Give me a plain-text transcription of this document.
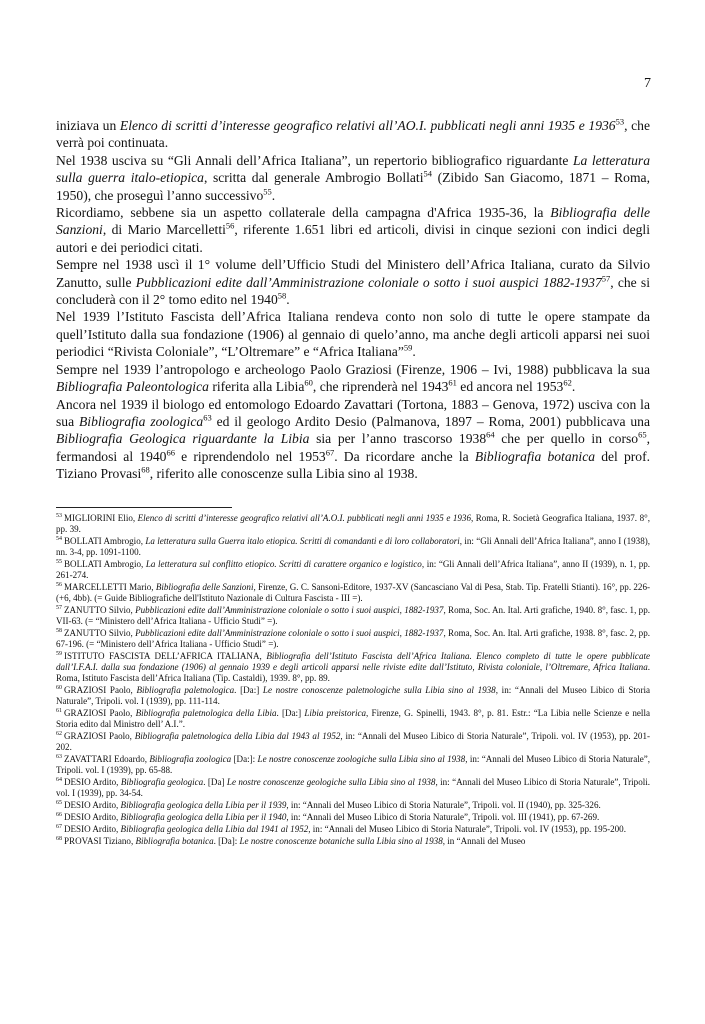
7

iniziava un Elenco di scritti d’interesse geografico relativi all’AO.I. pubblicati negli anni 1935 e 1936$^{53}$, che verrà poi continuata.

Nel 1938 usciva su “Gli Annali dell’Africa Italiana”, un repertorio bibliografico riguardante La letteratura sulla guerra italo-etiopica, scritta dal generale Ambrogio Bollati$^{54}$ (Zibido San Giacomo, 1871 – Roma, 1950), che proseguì l’anno successivo$^{55}$.

Ricordiamo, sebbene sia un aspetto collaterale della campagna d'Africa 1935-36, la Bibliografia delle Sanzioni, di Mario Marcelletti$^{56}$, riferente 1.651 libri ed articoli, divisi in cinque sezioni con indici degli autori e dei periodici citati.

Sempre nel 1938 uscì il 1° volume dell’Ufficio Studi del Ministero dell’Africa Italiana, curato da Silvio Zanutto, sulle Pubblicazioni edite dall’Amministrazione coloniale o sotto i suoi auspici 1882-1937$^{57}$, che si concluderà con il 2° tomo edito nel 1940$^{58}$.

Nel 1939 l’Istituto Fascista dell’Africa Italiana rendeva conto non solo di tutte le opere stampate da quell’Istituto dalla sua fondazione (1906) al gennaio di quelo’anno, ma anche degli articoli apparsi nei suoi periodici “Rivista Coloniale”, “L’Oltremare” e “Africa Italiana”$^{59}$.

Sempre nel 1939 l’antropologo e archeologo Paolo Graziosi (Firenze, 1906 – Ivi, 1988) pubblicava la sua Bibliografia Paleontologica riferita alla Libia$^{60}$, che riprenderà nel 1943$^{61}$ ed ancora nel 1953$^{62}$.

Ancora nel 1939 il biologo ed entomologo Edoardo Zavattari (Tortona, 1883 – Genova, 1972) usciva con la sua Bibliografia zoologica$^{63}$ ed il geologo Ardito Desio (Palmanova, 1897 – Roma, 2001) pubblicava una Bibliografia Geologica riguardante la Libia sia per l’anno trascorso 1938$^{64}$ che per quello in corso$^{65}$, fermandosi al 1940$^{66}$ e riprendendolo nel 1953$^{67}$. Da ricordare anche la Bibliografia botanica del prof. Tiziano Provasi$^{68}$, riferito alle conoscenze sulla Libia sino al 1938.

$^{53}$ MIGLIORINI Elio, Elenco di scritti d’interesse geografico relativi all’A.O.I. pubblicati negli anni 1935 e 1936, Roma, R. Società Geografica Italiana, 1937. 8°, pp. 39.

$^{54}$ BOLLATI Ambrogio, La letteratura sulla Guerra italo etiopica. Scritti di comandanti e di loro collaboratori, in: “Gli Annali dell’Africa Italiana”, anno I (1938), nn. 3-4, pp. 1091-1100.

$^{55}$ BOLLATI Ambrogio, La letteratura sul conflitto etiopico. Scritti di carattere organico e logistico, in: “Gli Annali dell’Africa Italiana”, anno II (1939), n. 1, pp. 261-274.

$^{56}$ MARCELLETTI Mario, Bibliografia delle Sanzioni, Firenze, G. C. Sansoni-Editore, 1937-XV (Sancasciano Val di Pesa, Stab. Tip. Fratelli Stianti). 16°, pp. 226-(+6, 4bb). (= Guide Bibliografiche dell'Istituto Nazionale di Cultura Fascista - III =).

$^{57}$ ZANUTTO Silvio, Pubblicazioni edite dall’Amministrazione coloniale o sotto i suoi auspici, 1882-1937, Roma, Soc. An. Ital. Arti grafiche, 1940. 8°, fasc. 1, pp. VII-63. (= “Ministero dell’Africa Italiana - Ufficio Studi” =).

$^{58}$ ZANUTTO Silvio, Pubblicazioni edite dall’Amministrazione coloniale o sotto i suoi auspici, 1882-1937, Roma, Soc. An. Ital. Arti grafiche, 1938. 8°, fasc. 2, pp. 67-196. (= “Ministero dell’Africa Italiana - Ufficio Studi” =).

$^{59}$ ISTITUTO FASCISTA DELL’AFRICA ITALIANA, Bibliografia dell’Istituto Fascista dell’Africa Italiana. Elenco completo di tutte le opere pubblicate dall’I.F.A.I. dalla sua fondazione (1906) al gennaio 1939 e degli articoli apparsi nelle riviste edite dall’Istituto, Rivista coloniale, l’Oltremare, Africa Italiana. Roma, Istituto Fascista dell’Africa Italiana (Tip. Castaldi), 1939. 8°, pp. 89.

$^{60}$ GRAZIOSI Paolo, Bibliografia paletnologica. [Da:] Le nostre conoscenze paletnologiche sulla Libia sino al 1938, in: “Annali del Museo Libico di Storia Naturale”, Tripoli. vol. I (1939), pp. 111-114.

$^{61}$ GRAZIOSI Paolo, Bibliografia paletnologica della Libia. [Da:] Libia preistorica, Firenze, G. Spinelli, 1943. 8°, p. 81. Estr.: “La Libia nelle Scienze e nella Storia edito dal Ministro dell’ A.I.”.

$^{62}$ GRAZIOSI Paolo, Bibliografia paletnologica della Libia dal 1943 al 1952, in: “Annali del Museo Libico di Storia Naturale”, Tripoli. vol. IV (1953), pp. 201-202.

$^{63}$ ZAVATTARI Edoardo, Bibliografia zoologica [Da:]: Le nostre conoscenze zoologiche sulla Libia sino al 1938, in: “Annali del Museo Libico di Storia Naturale”, Tripoli. vol. I (1939), pp. 65-88.

$^{64}$ DESIO Ardito, Bibliografia geologica. [Da] Le nostre conoscenze geologiche sulla Libia sino al 1938, in: “Annali del Museo Libico di Storia Naturale”, Tripoli. vol. I (1939), pp. 34-54.

$^{65}$ DESIO Ardito, Bibliografia geologica della Libia per il 1939, in: “Annali del Museo Libico di Storia Naturale”, Tripoli. vol. II (1940), pp. 325-326.

$^{66}$ DESIO Ardito, Bibliografia geologica della Libia per il 1940, in: “Annali del Museo Libico di Storia Naturale”, Tripoli. vol. III (1941), pp. 67-269.

$^{67}$ DESIO Ardito, Bibliografia geologica della Libia dal 1941 al 1952, in: “Annali del Museo Libico di Storia Naturale”, Tripoli. vol. IV (1953), pp. 195-200.

$^{68}$ PROVASI Tiziano, Bibliografia botanica. [Da]: Le nostre conoscenze botaniche sulla Libia sino al 1938, in “Annali del Museo
